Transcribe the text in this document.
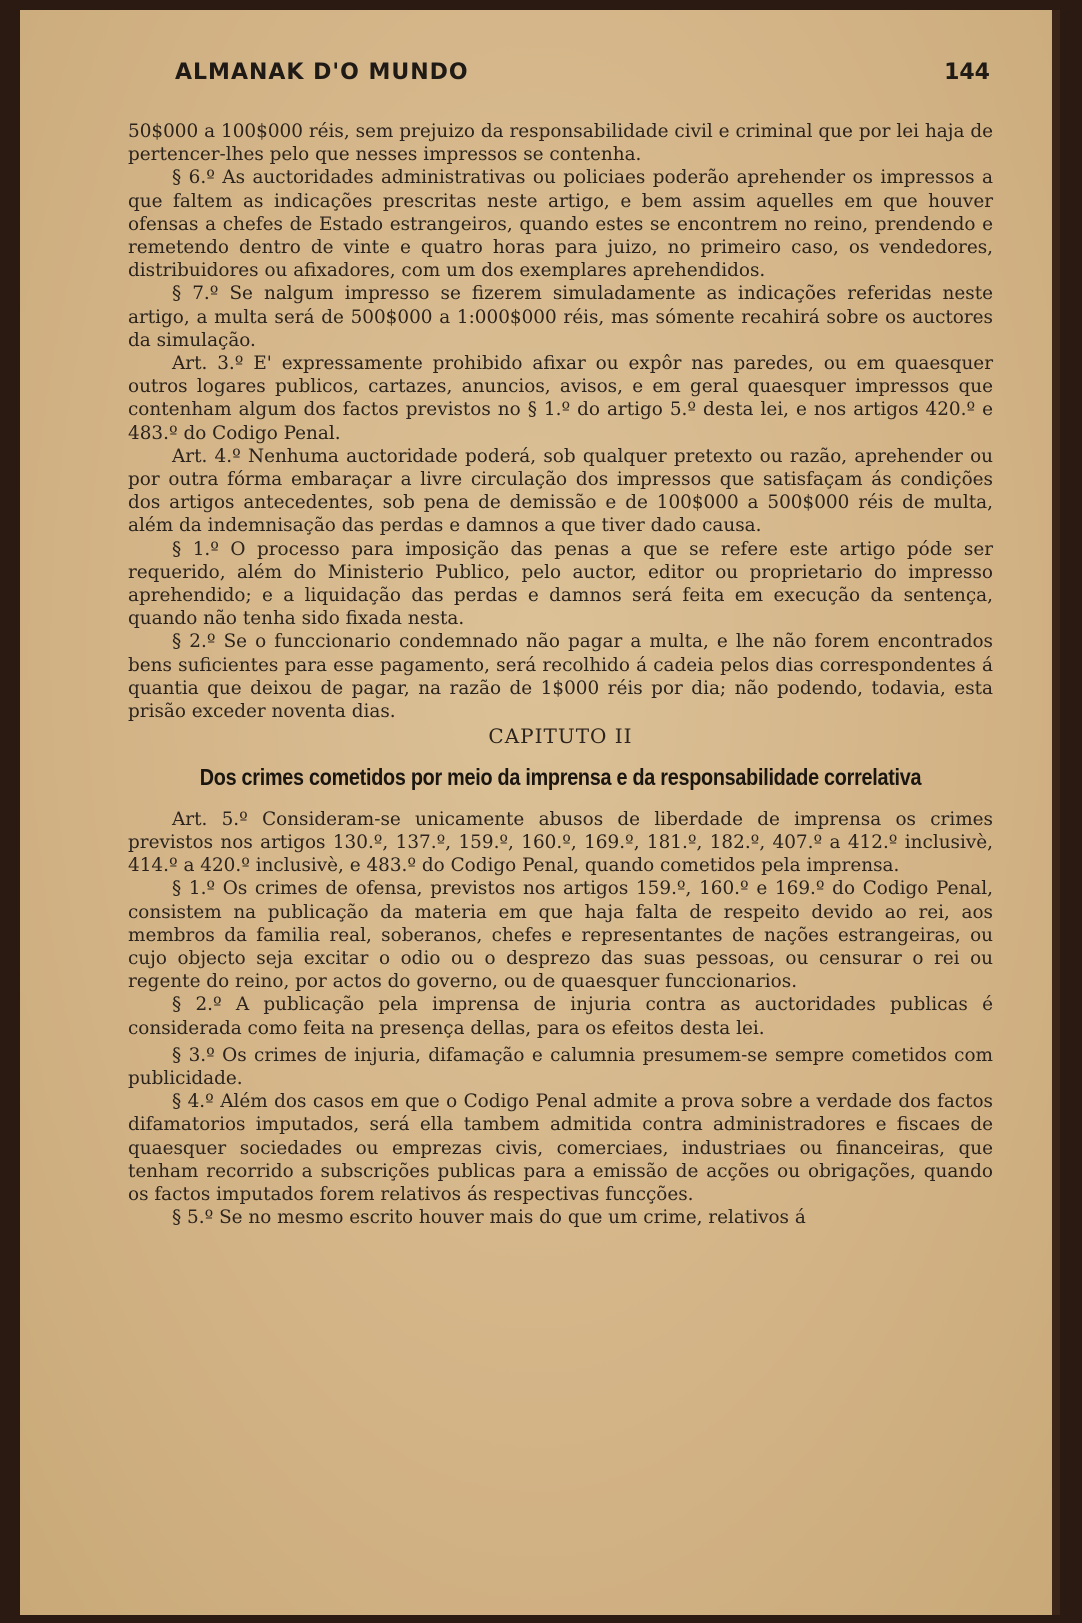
ALMANAK D'O MUNDO	144

50$000 a 100$000 réis, sem prejuizo da responsabilidade civil e criminal que por lei haja de pertencer-lhes pelo que nesses impressos se contenha.

§ 6.º As auctoridades administrativas ou policiaes poderão aprehender os impressos a que faltem as indicações prescritas neste artigo, e bem assim aquelles em que houver ofensas a chefes de Estado estrangeiros, quando estes se encontrem no reino, prendendo e remetendo dentro de vinte e quatro horas para juizo, no primeiro caso, os vendedores, distribuidores ou afixadores, com um dos exemplares aprehendidos.

§ 7.º Se nalgum impresso se fizerem simuladamente as indicações referidas neste artigo, a multa será de 500$000 a 1:000$000 réis, mas sómente recahirá sobre os auctores da simulação.

Art. 3.º E' expressamente prohibido afixar ou expôr nas paredes, ou em quaesquer outros logares publicos, cartazes, anuncios, avisos, e em geral quaesquer impressos que contenham algum dos factos previstos no § 1.º do artigo 5.º desta lei, e nos artigos 420.º e 483.º do Codigo Penal.

Art. 4.º Nenhuma auctoridade poderá, sob qualquer pretexto ou razão, aprehender ou por outra fórma embaraçar a livre circulação dos impressos que satisfaçam ás condições dos artigos antecedentes, sob pena de demissão e de 100$000 a 500$000 réis de multa, além da indemnisação das perdas e damnos a que tiver dado causa.

§ 1.º O processo para imposição das penas a que se refere este artigo póde ser requerido, além do Ministerio Publico, pelo auctor, editor ou proprietario do impresso aprehendido; e a liquidação das perdas e damnos será feita em execução da sentença, quando não tenha sido fixada nesta.

§ 2.º Se o funccionario condemnado não pagar a multa, e lhe não forem encontrados bens suficientes para esse pagamento, será recolhido á cadeia pelos dias correspondentes á quantia que deixou de pagar, na razão de 1$000 réis por dia; não podendo, todavia, esta prisão exceder noventa dias.

CAPITUTO II

Dos crimes cometidos por meio da imprensa e da responsabilidade correlativa

Art. 5.º Consideram-se unicamente abusos de liberdade de imprensa os crimes previstos nos artigos 130.º, 137.º, 159.º, 160.º, 169.º, 181.º, 182.º, 407.º a 412.º inclusivè, 414.º a 420.º inclusivè, e 483.º do Codigo Penal, quando cometidos pela imprensa.

§ 1.º Os crimes de ofensa, previstos nos artigos 159.º, 160.º e 169.º do Codigo Penal, consistem na publicação da materia em que haja falta de respeito devido ao rei, aos membros da familia real, soberanos, chefes e representantes de nações estrangeiras, ou cujo objecto seja excitar o odio ou o desprezo das suas pessoas, ou censurar o rei ou regente do reino, por actos do governo, ou de quaesquer funccionarios.

§ 2.º A publicação pela imprensa de injuria contra as auctoridades publicas é considerada como feita na presença dellas, para os efeitos desta lei.

§ 3.º Os crimes de injuria, difamação e calumnia presumem-se sempre cometidos com publicidade.

§ 4.º Além dos casos em que o Codigo Penal admite a prova sobre a verdade dos factos difamatorios imputados, será ella tambem admitida contra administradores e fiscaes de quaesquer sociedades ou emprezas civis, comerciaes, industriaes ou financeiras, que tenham recorrido a subscrições publicas para a emissão de acções ou obrigações, quando os factos imputados forem relativos ás respectivas funcções.

§ 5.º Se no mesmo escrito houver mais do que um crime, relativos á
